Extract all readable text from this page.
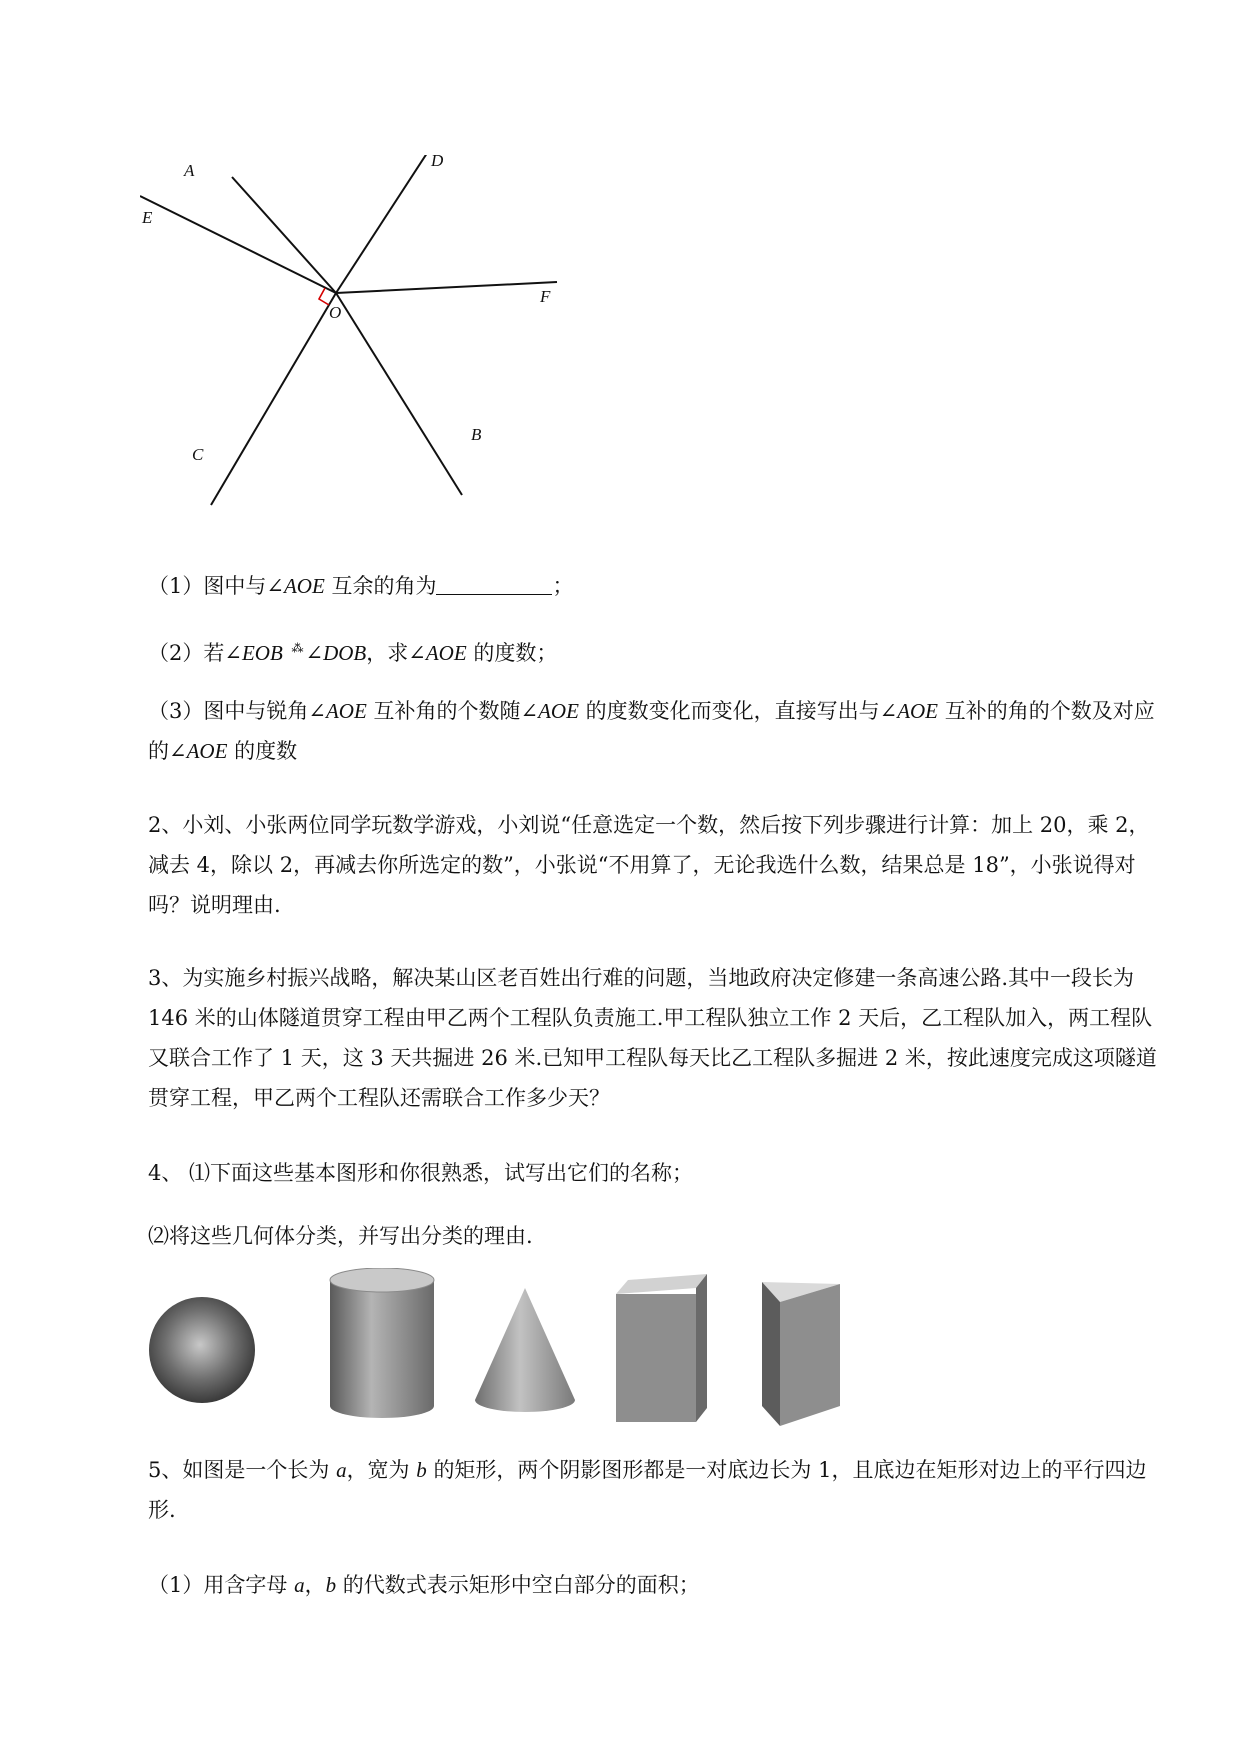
A
D
E
F
O
B
C

（1）图中与∠AOE 互余的角为	；

（2）若∠EOB ⁂∠DOB，求∠AOE 的度数；

（3）图中与锐角∠AOE 互补角的个数随∠AOE 的度数变化而变化，直接写出与∠AOE 互补的角的个数及对应的∠AOE 的度数

2、小刘、小张两位同学玩数学游戏，小刘说“任意选定一个数，然后按下列步骤进行计算：加上 20，乘 2，减去 4，除以 2，再减去你所选定的数”，小张说“不用算了，无论我选什么数，结果总是 18”，小张说得对吗？说明理由.

3、为实施乡村振兴战略，解决某山区老百姓出行难的问题，当地政府决定修建一条高速公路.其中一段长为 146 米的山体隧道贯穿工程由甲乙两个工程队负责施工.甲工程队独立工作 2 天后，乙工程队加入，两工程队又联合工作了 1 天，这 3 天共掘进 26 米.已知甲工程队每天比乙工程队多掘进 2 米，按此速度完成这项隧道贯穿工程，甲乙两个工程队还需联合工作多少天？

4、 ⑴下面这些基本图形和你很熟悉，试写出它们的名称；

⑵将这些几何体分类，并写出分类的理由.

5、如图是一个长为 a，宽为 b 的矩形，两个阴影图形都是一对底边长为 1，且底边在矩形对边上的平行四边形.

（1）用含字母 a，b 的代数式表示矩形中空白部分的面积；
